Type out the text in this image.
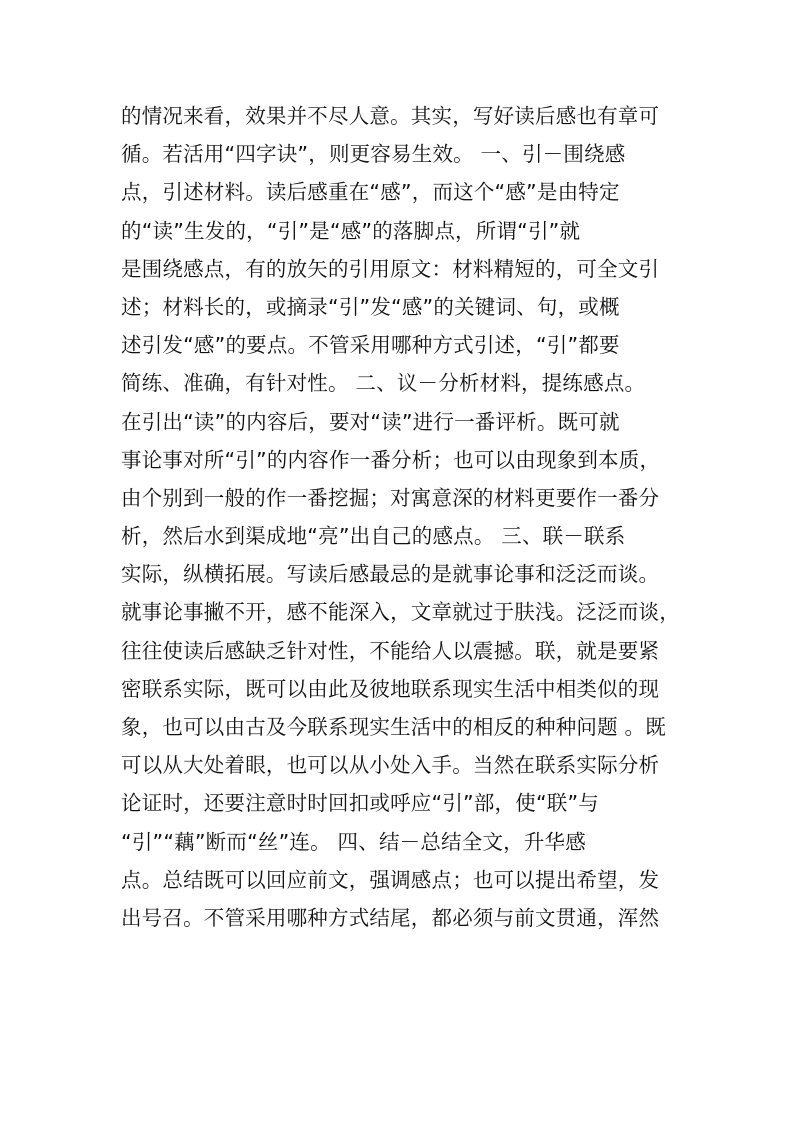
的情况来看，效果并不尽人意。其实，写好读后感也有章可
循。若活用“四字诀”，则更容易生效。 一、引－围绕感
点，引述材料。读后感重在“感”，而这个“感”是由特定
的“读”生发的，“引”是“感”的落脚点，所谓“引”就
是围绕感点，有的放矢的引用原文：材料精短的，可全文引
述；材料长的，或摘录“引”发“感”的关键词、句，或概
述引发“感”的要点。不管采用哪种方式引述，“引”都要
简练、准确，有针对性。 二、议－分析材料，提练感点。
在引出“读”的内容后，要对“读”进行一番评析。既可就
事论事对所“引”的内容作一番分析；也可以由现象到本质，
由个别到一般的作一番挖掘；对寓意深的材料更要作一番分
析，然后水到渠成地“亮”出自己的感点。 三、联－联系
实际，纵横拓展。写读后感最忌的是就事论事和泛泛而谈。
就事论事撇不开，感不能深入，文章就过于肤浅。泛泛而谈，
往往使读后感缺乏针对性，不能给人以震撼。联，就是要紧
密联系实际，既可以由此及彼地联系现实生活中相类似的现
象，也可以由古及今联系现实生活中的相反的种种问题 。既
可以从大处着眼，也可以从小处入手。当然在联系实际分析
论证时，还要注意时时回扣或呼应“引”部，使“联”与
“引”“藕”断而“丝”连。 四、结－总结全文，升华感
点。总结既可以回应前文，强调感点；也可以提出希望，发
出号召。不管采用哪种方式结尾，都必须与前文贯通，浑然
